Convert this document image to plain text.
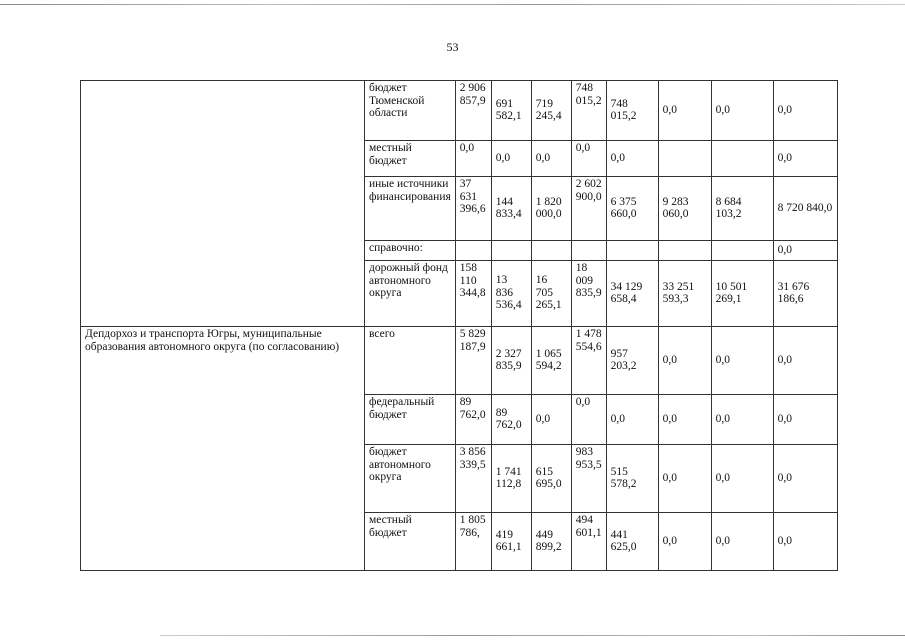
53
	бюджет Тюменской области	2 906 857,9	691 582,1	719 245,4	748 015,2	748 015,2	0,0	0,0	0,0
	местный бюджет	0,0	0,0	0,0	0,0	0,0			0,0
	иные источники финансирования	37 631 396,6	144 833,4	1 820 000,0	2 602 900,0	6 375 660,0	9 283 060,0	8 684 103,2	8 720 840,0
	справочно:								0,0
	дорожный фонд автономного округа	158 110 344,8	13 836 536,4	16 705 265,1	18 009 835,9	34 129 658,4	33 251 593,3	10 501 269,1	31 676 186,6
Депдорхоз и транспорта Югры, муниципальные образования автономного округа (по согласованию)	всего	5 829 187,9	2 327 835,9	1 065 594,2	1 478 554,6	957 203,2	0,0	0,0	0,0
	федеральный бюджет	89 762,0	89 762,0	0,0	0,0	0,0	0,0	0,0	0,0
	бюджет автономного округа	3 856 339,5	1 741 112,8	615 695,0	983 953,5	515 578,2	0,0	0,0	0,0
	местный бюджет	1 805 786,	419 661,1	449 899,2	494 601,1	441 625,0	0,0	0,0	0,0
